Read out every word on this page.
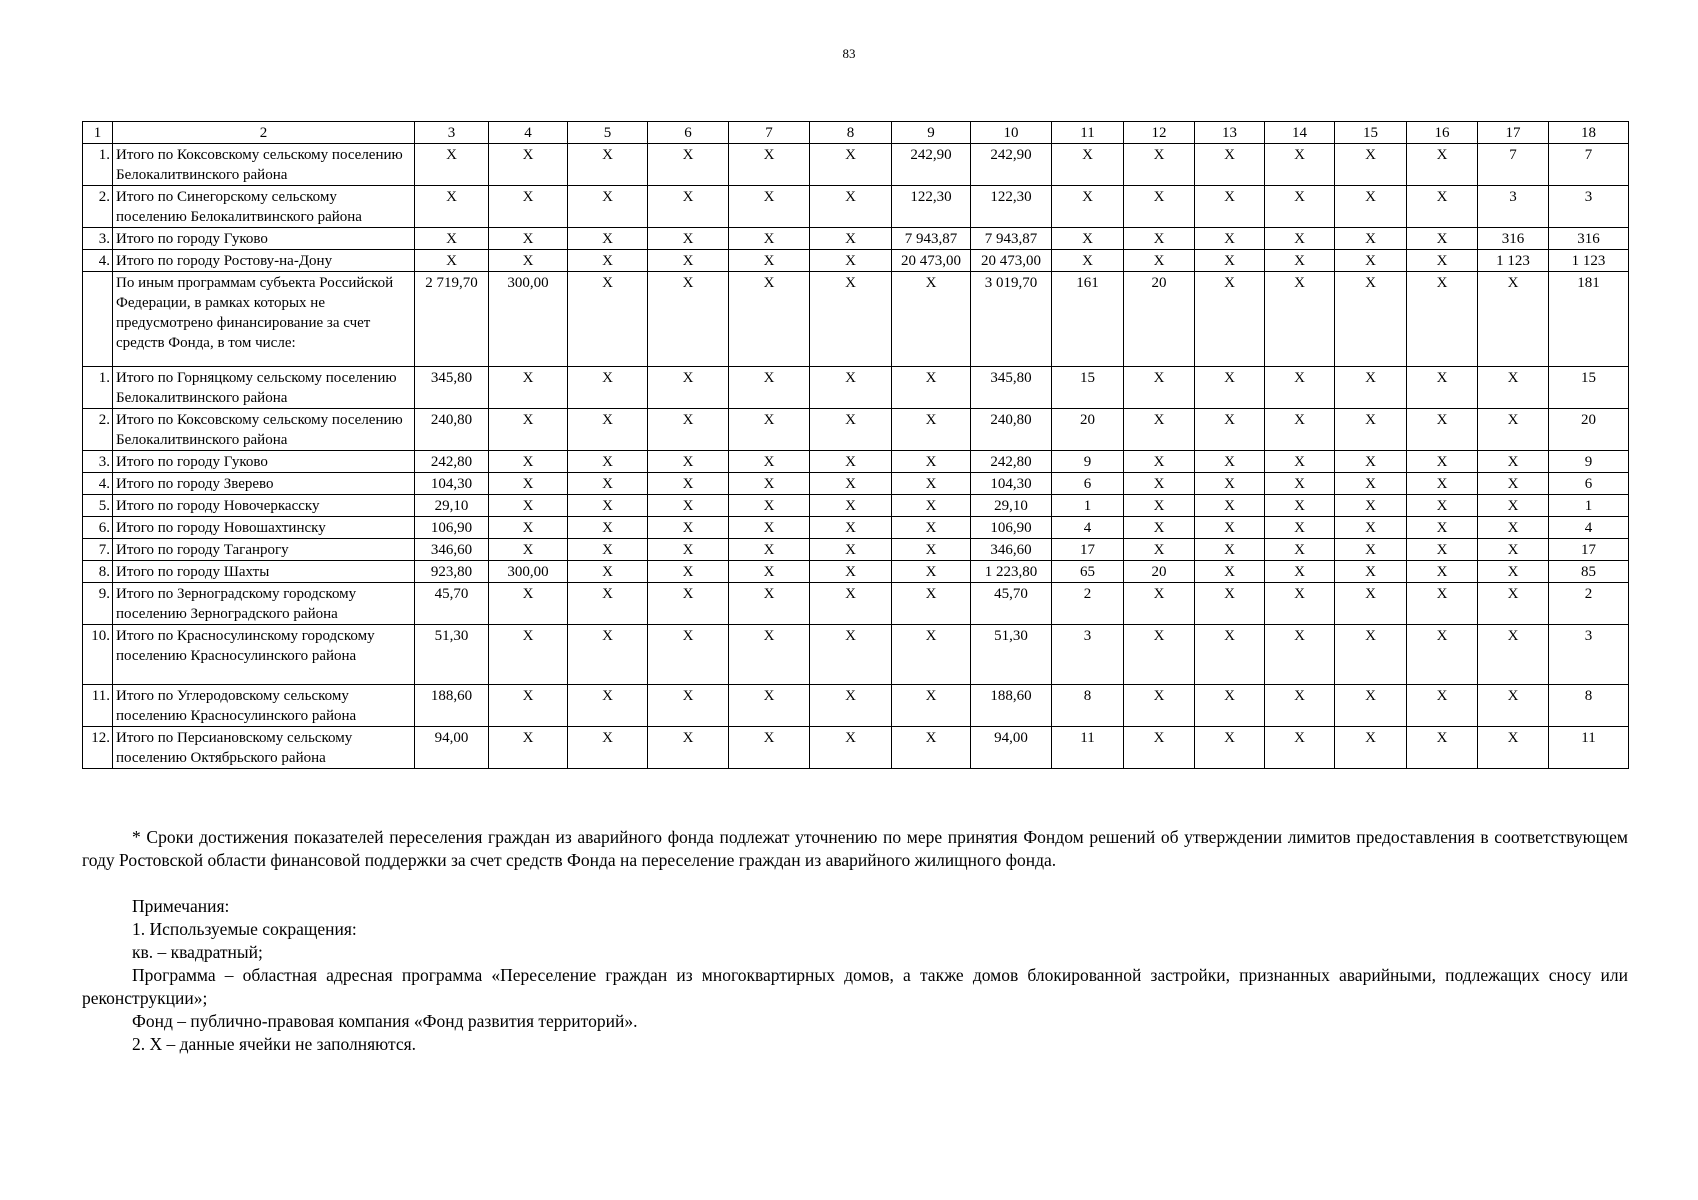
83
1	2	3	4	5	6	7	8	9	10	11	12	13	14	15	16	17	18
1.	Итого по Коксовскому сельскому поселению Белокалитвинского района	X	X	X	X	X	X	242,90	242,90	X	X	X	X	X	X	7	7
2.	Итого по Синегорскому сельскому поселению Белокалитвинского района	X	X	X	X	X	X	122,30	122,30	X	X	X	X	X	X	3	3
3.	Итого по городу Гуково	X	X	X	X	X	X	7 943,87	7 943,87	X	X	X	X	X	X	316	316
4.	Итого по городу Ростову-на-Дону	X	X	X	X	X	X	20 473,00	20 473,00	X	X	X	X	X	X	1 123	1 123
	По иным программам субъекта Российской Федерации, в рамках которых не предусмотрено финансирование за счет средств Фонда, в том числе:	2 719,70	300,00	X	X	X	X	X	3 019,70	161	20	X	X	X	X	X	181
1.	Итого по Горняцкому сельскому поселению Белокалитвинского района	345,80	X	X	X	X	X	X	345,80	15	X	X	X	X	X	X	15
2.	Итого по Коксовскому сельскому поселению Белокалитвинского района	240,80	X	X	X	X	X	X	240,80	20	X	X	X	X	X	X	20
3.	Итого по городу Гуково	242,80	X	X	X	X	X	X	242,80	9	X	X	X	X	X	X	9
4.	Итого по городу Зверево	104,30	X	X	X	X	X	X	104,30	6	X	X	X	X	X	X	6
5.	Итого по городу Новочеркасску	29,10	X	X	X	X	X	X	29,10	1	X	X	X	X	X	X	1
6.	Итого по городу Новошахтинску	106,90	X	X	X	X	X	X	106,90	4	X	X	X	X	X	X	4
7.	Итого по городу Таганрогу	346,60	X	X	X	X	X	X	346,60	17	X	X	X	X	X	X	17
8.	Итого по городу Шахты	923,80	300,00	X	X	X	X	X	1 223,80	65	20	X	X	X	X	X	85
9.	Итого по Зерноградскому городскому поселению Зерноградского района	45,70	X	X	X	X	X	X	45,70	2	X	X	X	X	X	X	2
10.	Итого по Красносулинскому городскому поселению Красносулинского района	51,30	X	X	X	X	X	X	51,30	3	X	X	X	X	X	X	3
11.	Итого по Углеродовскому сельскому поселению Красносулинского района	188,60	X	X	X	X	X	X	188,60	8	X	X	X	X	X	X	8
12.	Итого по Персиановскому сельскому поселению Октябрьского района	94,00	X	X	X	X	X	X	94,00	11	X	X	X	X	X	X	11

* Сроки достижения показателей переселения граждан из аварийного фонда подлежат уточнению по мере принятия Фондом решений об утверждении лимитов предоставления в соответствующем году Ростовской области финансовой поддержки за счет средств Фонда на переселение граждан из аварийного жилищного фонда.

Примечания:

1. Используемые сокращения:

кв. – квадратный;

Программа – областная адресная программа «Переселение граждан из многоквартирных домов, а также домов блокированной застройки, признанных аварийными, подлежащих сносу или реконструкции»;

Фонд – публично-правовая компания «Фонд развития территорий».

2. X – данные ячейки не заполняются.
